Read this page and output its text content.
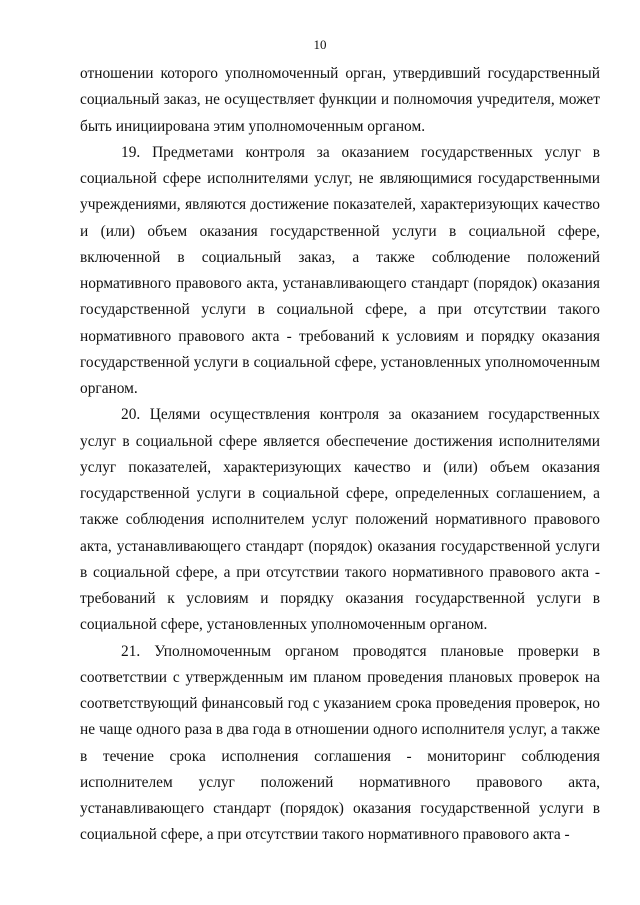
10

отношении которого уполномоченный орган, утвердивший государственный социальный заказ, не осуществляет функции и полномочия учредителя, может быть инициирована этим уполномоченным органом.

19. Предметами контроля за оказанием государственных услуг в социальной сфере исполнителями услуг, не являющимися государственными учреждениями, являются достижение показателей, характеризующих качество и (или) объем оказания государственной услуги в социальной сфере, включенной в социальный заказ, а также соблюдение положений нормативного правового акта, устанавливающего стандарт (порядок) оказания государственной услуги в социальной сфере, а при отсутствии такого нормативного правового акта - требований к условиям и порядку оказания государственной услуги в социальной сфере, установленных уполномоченным органом.

20. Целями осуществления контроля за оказанием государственных услуг в социальной сфере является обеспечение достижения исполнителями услуг показателей, характеризующих качество и (или) объем оказания государственной услуги в социальной сфере, определенных соглашением, а также соблюдения исполнителем услуг положений нормативного правового акта, устанавливающего стандарт (порядок) оказания государственной услуги в социальной сфере, а при отсутствии такого нормативного правового акта - требований к условиям и порядку оказания государственной услуги в социальной сфере, установленных уполномоченным органом.

21. Уполномоченным органом проводятся плановые проверки в соответствии с утвержденным им планом проведения плановых проверок на соответствующий финансовый год с указанием срока проведения проверок, но не чаще одного раза в два года в отношении одного исполнителя услуг, а также в течение срока исполнения соглашения - мониторинг соблюдения исполнителем услуг положений нормативного правового акта, устанавливающего стандарт (порядок) оказания государственной услуги в социальной сфере, а при отсутствии такого нормативного правового акта -
